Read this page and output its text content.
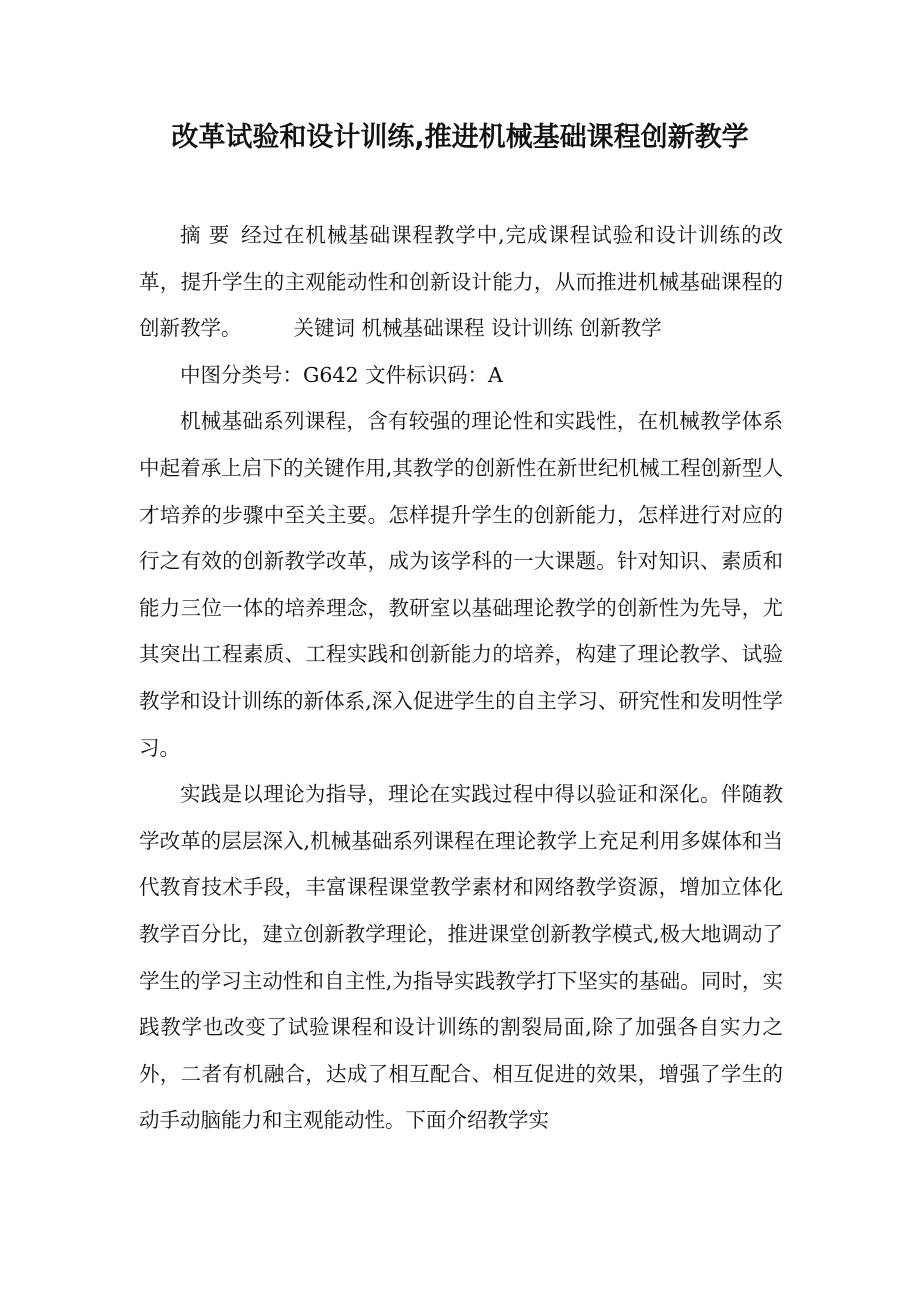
改革试验和设计训练,推进机械基础课程创新教学

摘 要 经过在机械基础课程教学中,完成课程试验和设计训练的改革，提升学生的主观能动性和创新设计能力，从而推进机械基础课程的创新教学。	关键词 机械基础课程 设计训练 创新教学

中图分类号：G642 文件标识码：A

机械基础系列课程，含有较强的理论性和实践性，在机械教学体系中起着承上启下的关键作用,其教学的创新性在新世纪机械工程创新型人才培养的步骤中至关主要。怎样提升学生的创新能力，怎样进行对应的行之有效的创新教学改革，成为该学科的一大课题。针对知识、素质和能力三位一体的培养理念，教研室以基础理论教学的创新性为先导，尤其突出工程素质、工程实践和创新能力的培养，构建了理论教学、试验教学和设计训练的新体系,深入促进学生的自主学习、研究性和发明性学习。

实践是以理论为指导，理论在实践过程中得以验证和深化。伴随教学改革的层层深入,机械基础系列课程在理论教学上充足利用多媒体和当代教育技术手段，丰富课程课堂教学素材和网络教学资源，增加立体化教学百分比，建立创新教学理论，推进课堂创新教学模式,极大地调动了学生的学习主动性和自主性,为指导实践教学打下坚实的基础。同时，实践教学也改变了试验课程和设计训练的割裂局面,除了加强各自实力之外，二者有机融合，达成了相互配合、相互促进的效果，增强了学生的动手动脑能力和主观能动性。下面介绍教学实
